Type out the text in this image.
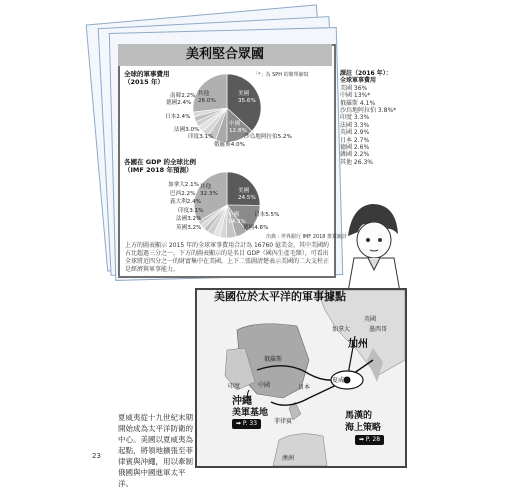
美利堅合眾國
全球的軍事費用
（2015 年）
「*」為 SPH 的簡單縮寫
各國在 GDP 的全球比例
（IMF 2018 年預測）
美國
35.6%
中國
12.8%
沙烏地阿拉伯5.2%
俄羅斯4.0%
印度3.1%
法國3.0%
日本2.4%
德國2.4%
南韓2.2% 其他
26.0%
美國
24.5%
中國
14.3%
日本5.5%
德國4.6%
英國3.2%
法國3.2%
印度3.1%
義大利2.4%
巴西2.2%
加拿大2.1% 其他
32.3%
出典 : 世界銀行 IMF 2018 推算統計
上方的圖表顯示 2015 年的全球軍事費用合計為 16760 億美金，其中美國約占比超過三分之一。下方的圖表顯示的是名目 GDP（國內生產毛額），可看出全球將近四分之一的財富集中在美國。上下二張圖清楚表示美國的二大支柱正是經濟與軍事能力。
課註（2016 年）：
全球軍事費用
美國 36%
中國 13%*
俄羅斯 4.1%
沙烏地阿拉伯 3.8%*
印度 3.3%
法國 3.3%
英國 2.9%
日本 2.7%
德國 2.6%
韓國 2.2%
其他 26.3%
美國位於太平洋的軍事據點
英國
加拿大	墨西哥
俄羅斯
中國
印度	日本
菲律賓
澳洲
夏威夷
加州
沖繩
美軍基地
➡ P. 33
馬漢的
海上策略
➡ P. 28
夏威夷從十九世紀末期開始成為太平洋防衛的中心。美國以夏威夷為起點，將領地擴張至菲律賓與沖繩，用以牽制俄國與中國進軍太平洋。
23
